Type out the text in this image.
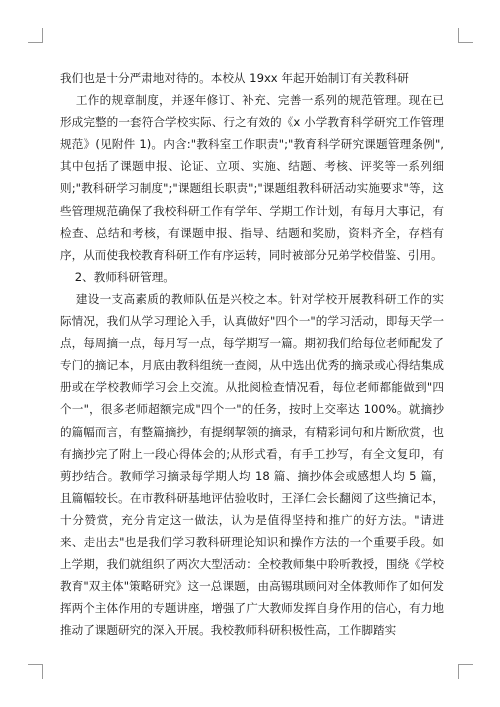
我们也是十分严肃地对待的。本校从 19xx 年起开始制订有关教科研

工作的规章制度，并逐年修订、补充、完善一系列的规范管理。现在已形成完整的一套符合学校实际、行之有效的《x 小学教育科学研究工作管理规范》(见附件 1)。内含:"教科室工作职责";"教育科学研究课题管理条例",其中包括了课题申报、论证、立项、实施、结题、考核、评奖等一系列细则;"教科研学习制度";"课题组长职责";"课题组教科研活动实施要求"等，这些管理规范确保了我校科研工作有学年、学期工作计划，有每月大事记，有检查、总结和考核，有课题申报、指导、结题和奖励，资料齐全，存档有序，从而使我校教育科研工作有序运转，同时被部分兄弟学校借鉴、引用。

2、教师科研管理。

建设一支高素质的教师队伍是兴校之本。针对学校开展教科研工作的实际情况，我们从学习理论入手，认真做好"四个一"的学习活动，即每天学一点，每周摘一点，每月写一点，每学期写一篇。期初我们给每位老师配发了专门的摘记本，月底由教科组统一查阅，从中选出优秀的摘录或心得结集成册或在学校教师学习会上交流。从批阅检查情况看，每位老师都能做到"四个一"，很多老师超额完成"四个一"的任务，按时上交率达 100%。就摘抄的篇幅而言，有整篇摘抄，有提纲挈领的摘录，有精彩词句和片断欣赏，也有摘抄完了附上一段心得体会的;从形式看，有手工抄写，有全文复印，有剪抄结合。教师学习摘录每学期人均 18 篇、摘抄体会或感想人均 5 篇，且篇幅较长。在市教科研基地评估验收时，王泽仁会长翻阅了这些摘记本，十分赞赏，充分肯定这一做法，认为是值得坚持和推广的好方法。"请进来、走出去"也是我们学习教科研理论知识和操作方法的一个重要手段。如上学期，我们就组织了两次大型活动：全校教师集中聆听教授，围绕《学校教育"双主体"策略研究》这一总课题，由高锡琪顾问对全体教师作了如何发挥两个主体作用的专题讲座，增强了广大教师发挥自身作用的信心，有力地推动了课题研究的深入开展。我校教师科研积极性高，工作脚踏实
